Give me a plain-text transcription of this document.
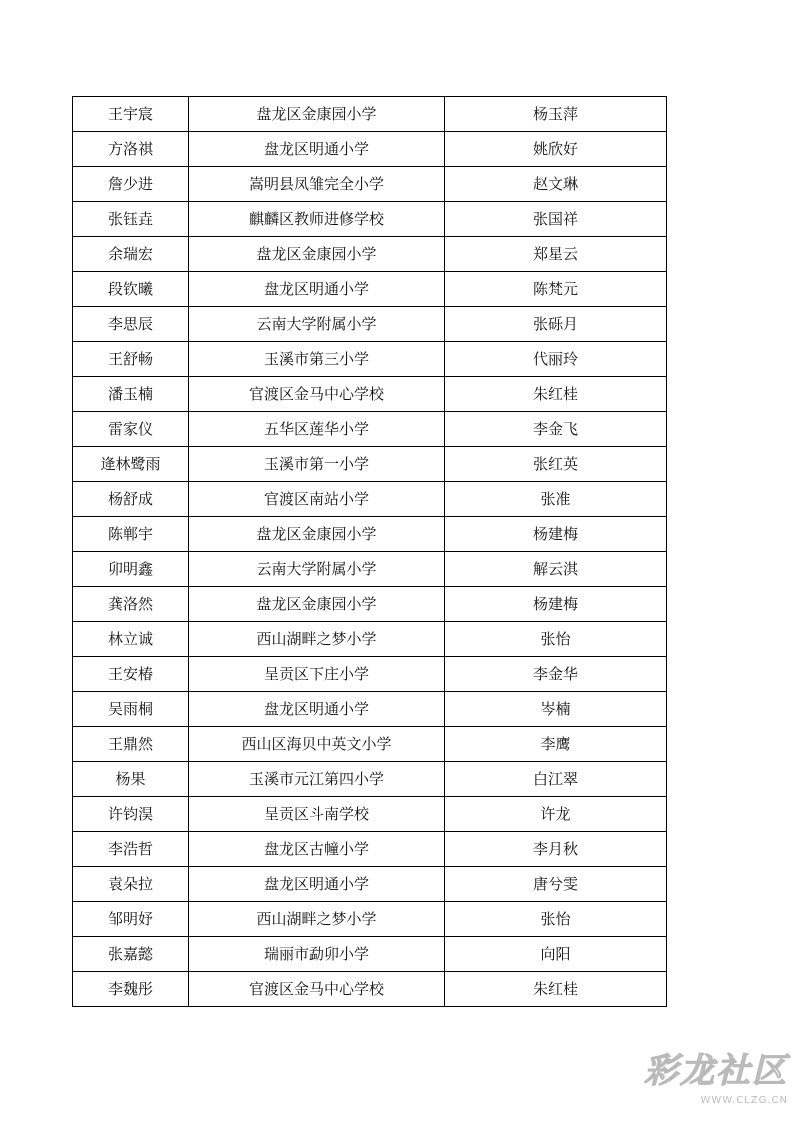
王宇宸	盘龙区金康园小学	杨玉萍
方洛祺	盘龙区明通小学	姚欣好
詹少进	嵩明县凤雏完全小学	赵文琳
张钰垚	麒麟区教师进修学校	张国祥
余瑞宏	盘龙区金康园小学	郑星云
段钦曦	盘龙区明通小学	陈梵元
李思辰	云南大学附属小学	张砾月
王舒畅	玉溪市第三小学	代丽玲
潘玉楠	官渡区金马中心学校	朱红桂
雷家仪	五华区莲华小学	李金飞
逄林鹭雨	玉溪市第一小学	张红英
杨舒成	官渡区南站小学	张准
陈郸宇	盘龙区金康园小学	杨建梅
卯明鑫	云南大学附属小学	解云淇
龚洛然	盘龙区金康园小学	杨建梅
林立诚	西山湖畔之梦小学	张怡
王安椿	呈贡区下庄小学	李金华
吴雨桐	盘龙区明通小学	岑楠
王鼎然	西山区海贝中英文小学	李鹰
杨果	玉溪市元江第四小学	白江翠
许钧淏	呈贡区斗南学校	许龙
李浩哲	盘龙区古幢小学	李月秋
袁朵拉	盘龙区明通小学	唐兮雯
邹明妤	西山湖畔之梦小学	张怡
张嘉懿	瑞丽市勐卯小学	向阳
李魏彤	官渡区金马中心学校	朱红桂
彩龙社区
WWW.CLZG.CN
